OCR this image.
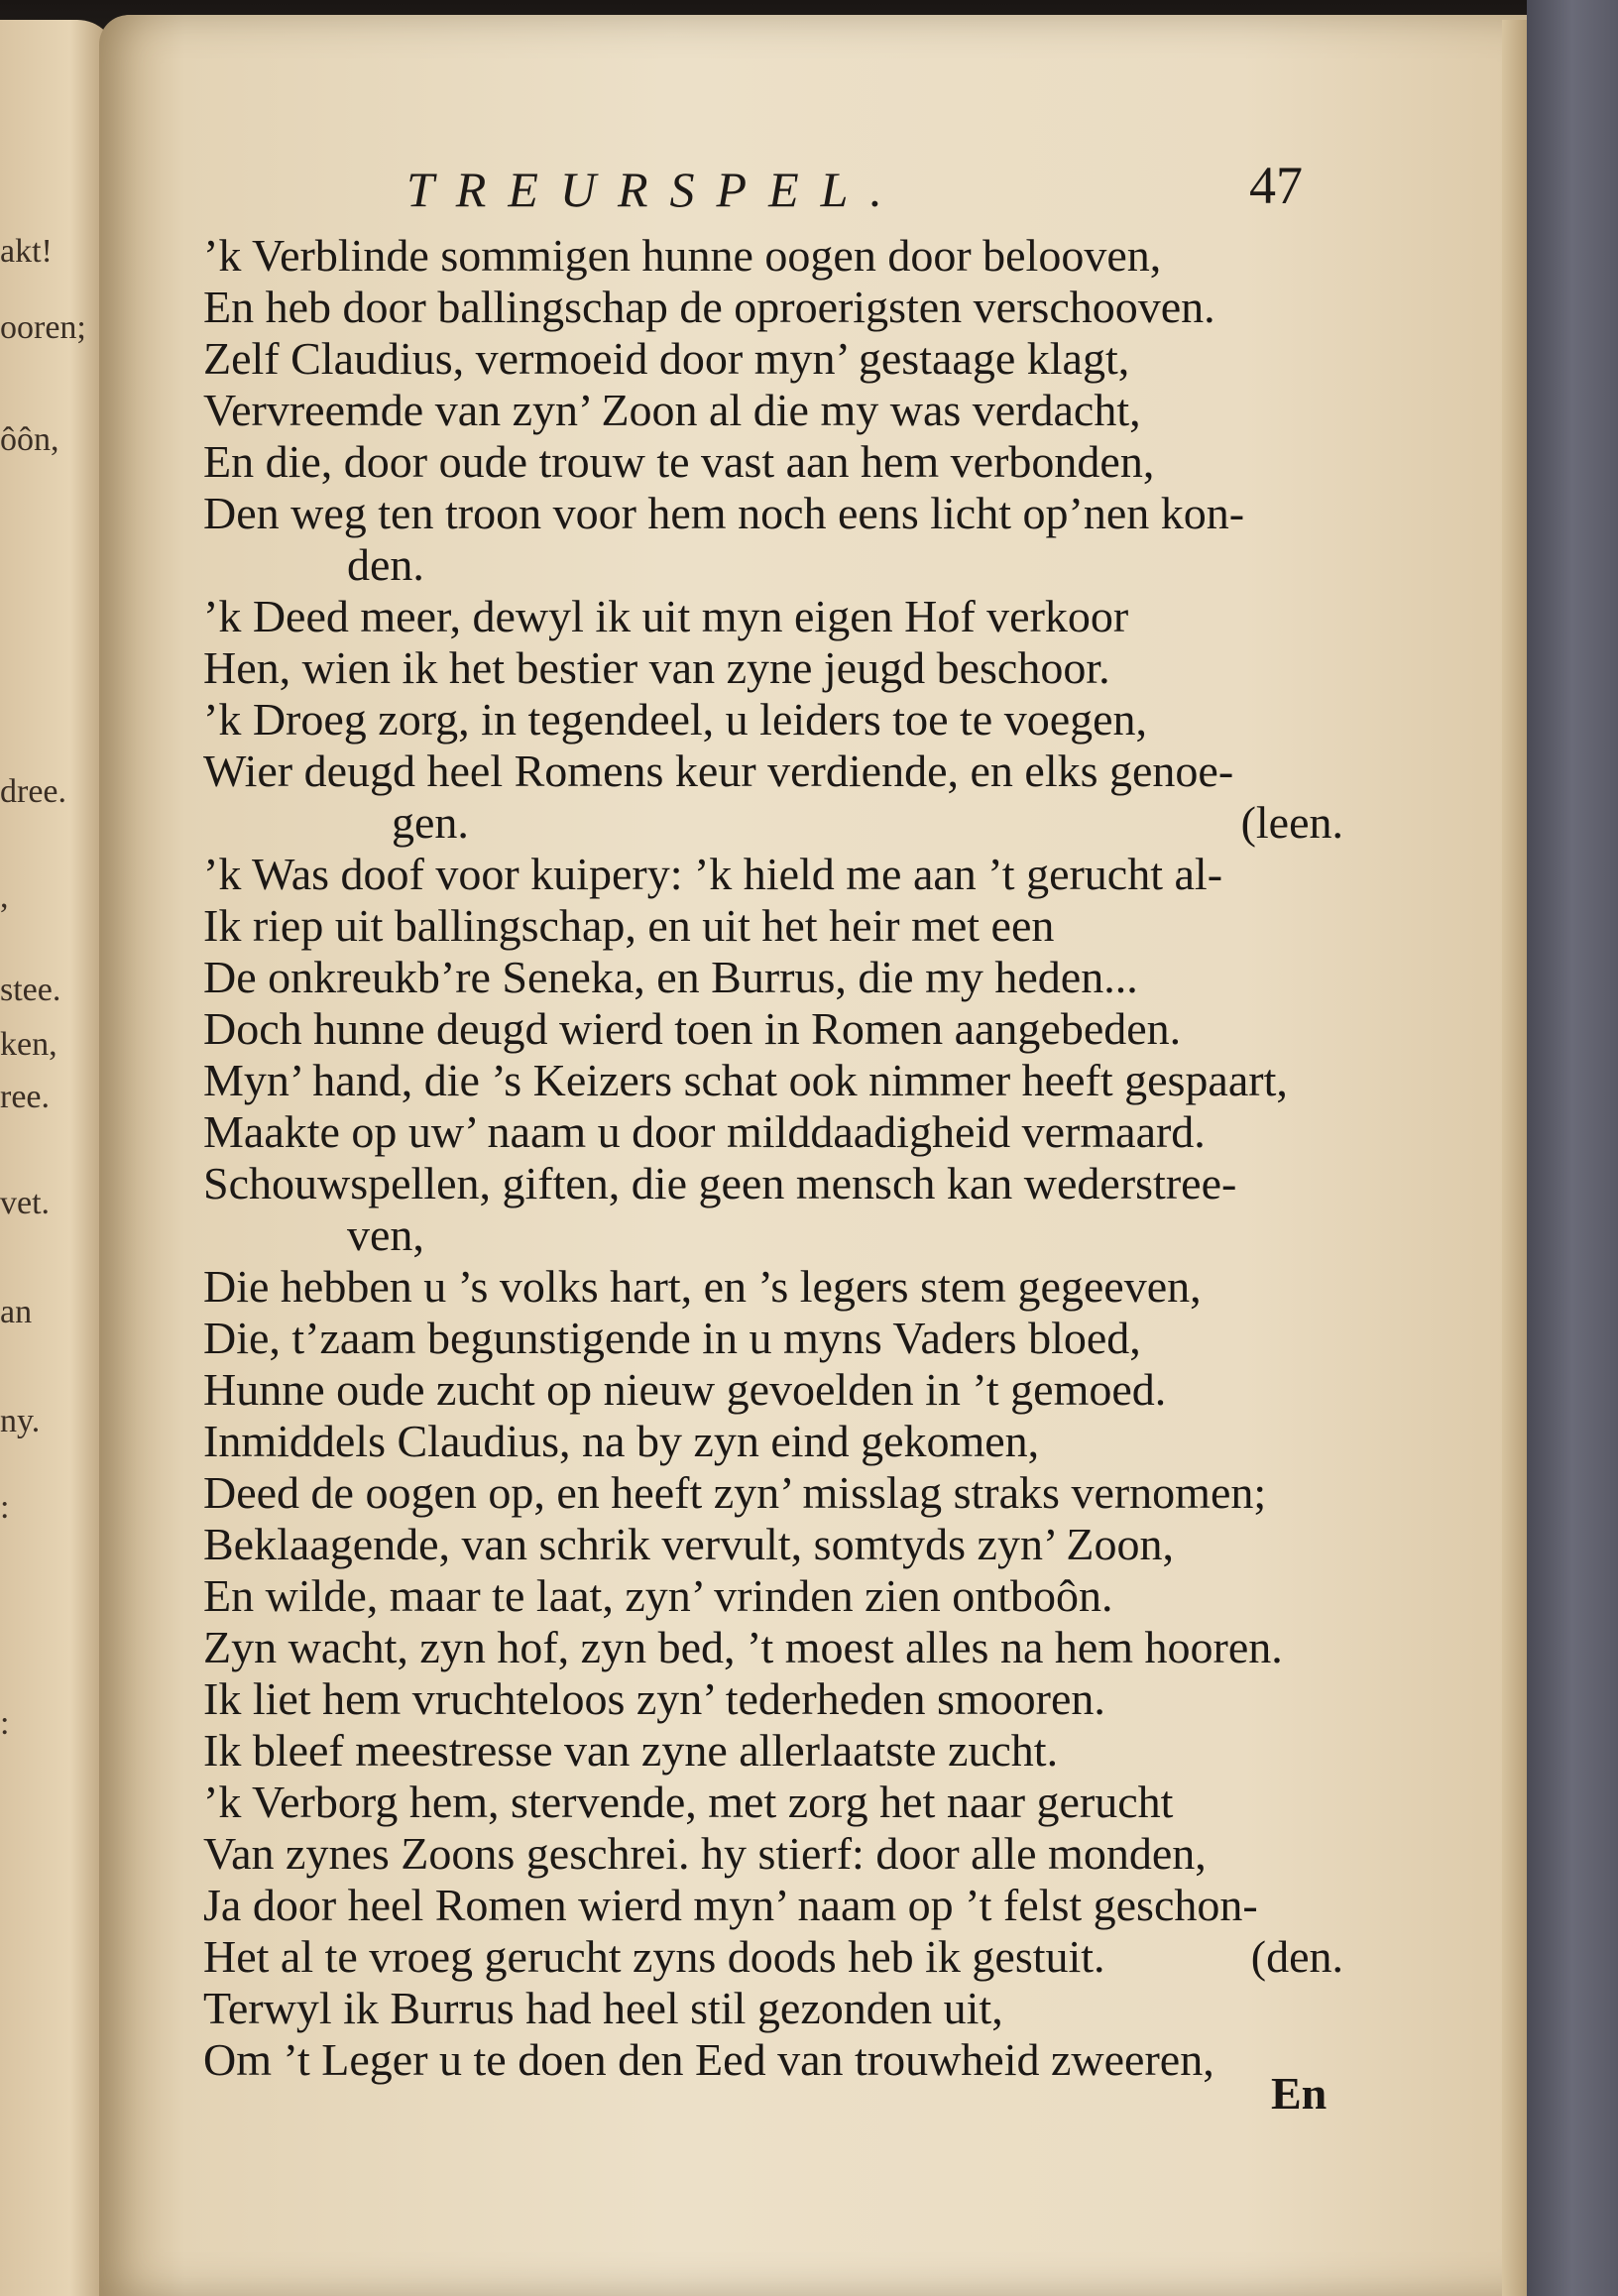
akt!
ooren;
ôôn,
dree.
,
stee.
ken,
ree.
vet.
an
ny.
:
:
TREURSPEL.	47
’k Verblinde sommigen hunne oogen door belooven,
En heb door ballingschap de oproerigsten verschooven.
Zelf Claudius, vermoeid door myn’ gestaage klagt,
Vervreemde van zyn’ Zoon al die my was verdacht,
En die, door oude trouw te vast aan hem verbonden,
Den weg ten troon voor hem noch eens licht op’nen kon-
den.
’k Deed meer, dewyl ik uit myn eigen Hof verkoor
Hen, wien ik het bestier van zyne jeugd beschoor.
’k Droeg zorg, in tegendeel, u leiders toe te voegen,
Wier deugd heel Romens keur verdiende, en elks genoe-
gen.	(leen.
’k Was doof voor kuipery: ’k hield me aan ’t gerucht al-
Ik riep uit ballingschap, en uit het heir met een
De onkreukb’re Seneka, en Burrus, die my heden...
Doch hunne deugd wierd toen in Romen aangebeden.
Myn’ hand, die ’s Keizers schat ook nimmer heeft gespaart,
Maakte op uw’ naam u door milddaadigheid vermaard.
Schouwspellen, giften, die geen mensch kan wederstree-
ven,
Die hebben u ’s volks hart, en ’s legers stem gegeeven,
Die, t’zaam begunstigende in u myns Vaders bloed,
Hunne oude zucht op nieuw gevoelden in ’t gemoed.
Inmiddels Claudius, na by zyn eind gekomen,
Deed de oogen op, en heeft zyn’ misslag straks vernomen;
Beklaagende, van schrik vervult, somtyds zyn’ Zoon,
En wilde, maar te laat, zyn’ vrinden zien ontboôn.
Zyn wacht, zyn hof, zyn bed, ’t moest alles na hem hooren.
Ik liet hem vruchteloos zyn’ tederheden smooren.
Ik bleef meestresse van zyne allerlaatste zucht.
’k Verborg hem, stervende, met zorg het naar gerucht
Van zynes Zoons geschrei. hy stierf: door alle monden,
Ja door heel Romen wierd myn’ naam op ’t felst geschon-
Het al te vroeg gerucht zyns doods heb ik gestuit.	(den.
Terwyl ik Burrus had heel stil gezonden uit,
Om ’t Leger u te doen den Eed van trouwheid zweeren,
En
